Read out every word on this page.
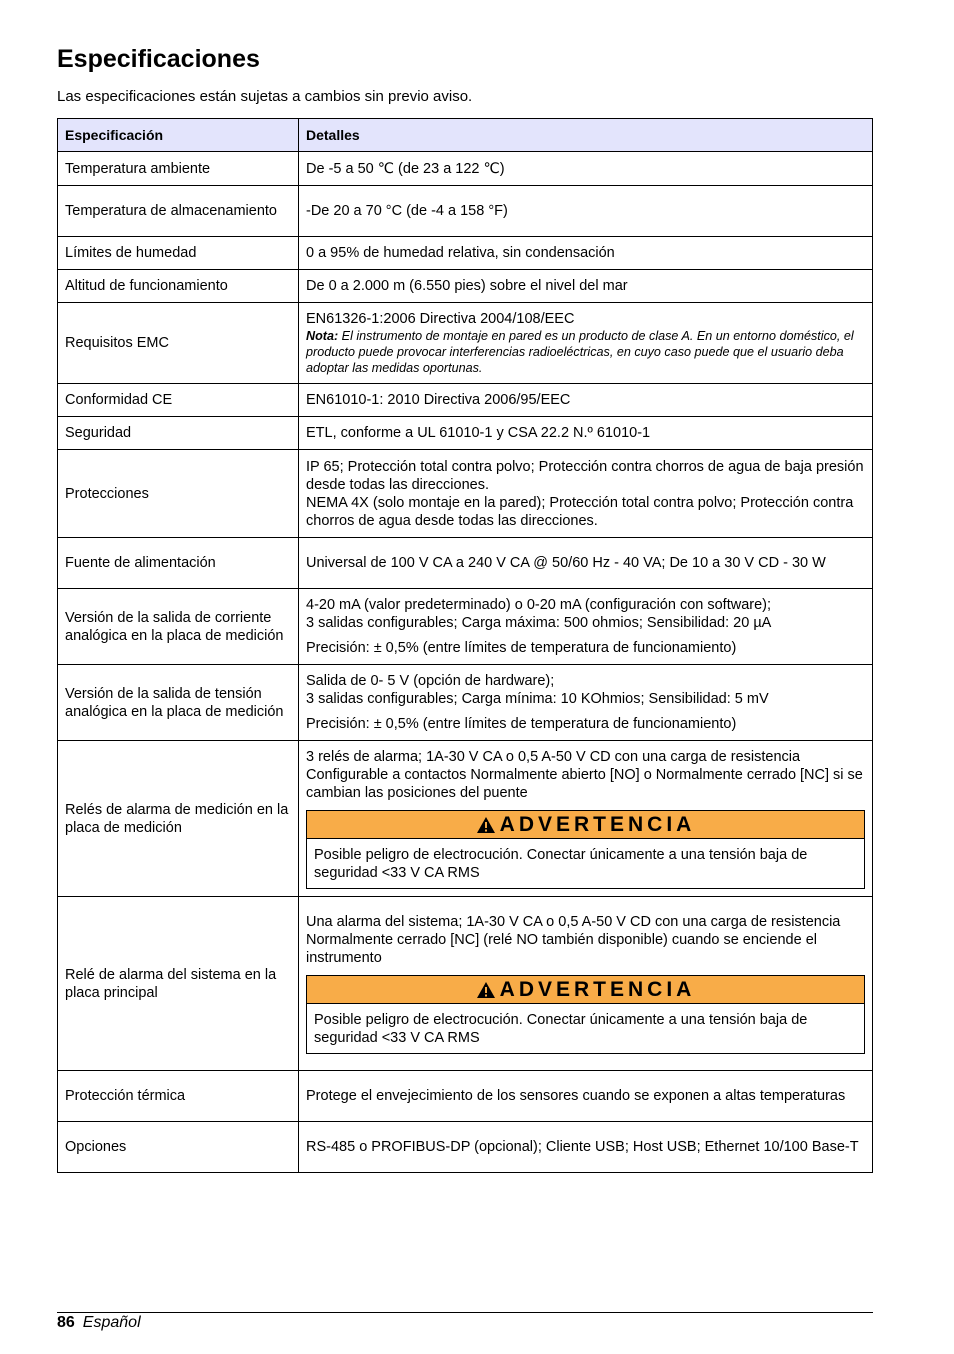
Especificaciones

Las especificaciones están sujetas a cambios sin previo aviso.

Especificación	Detalles
Temperatura ambiente	De -5 a 50 ℃ (de 23 a 122 ℃)

Temperatura de almacenamiento	-De 20 a 70 °C (de -4 a 158 °F)

Límites de humedad	0 a 95% de humedad relativa, sin condensación

Altitud de funcionamiento	De 0 a 2.000 m (6.550 pies) sobre el nivel del mar

Requisitos EMC	EN61326-1:2006 Directiva 2004/108/EEC
Nota: El instrumento de montaje en pared es un producto de clase A. En un entorno doméstico, el producto puede provocar interferencias radioeléctricas, en cuyo caso puede que el usuario deba adoptar las medidas oportunas.

Conformidad CE	EN61010-1: 2010 Directiva 2006/95/EEC

Seguridad	ETL, conforme a UL 61010-1 y CSA 22.2 N.º 61010-1

Protecciones	IP 65; Protección total contra polvo; Protección contra chorros de agua de baja presión desde todas las direcciones.
NEMA 4X (solo montaje en la pared); Protección total contra polvo; Protección contra chorros de agua desde todas las direcciones.

Fuente de alimentación	Universal de 100 V CA a 240 V CA @ 50/60 Hz - 40 VA; De 10 a 30 V CD - 30 W

Versión de la salida de corriente analógica en la placa de medición	4-20 mA (valor predeterminado) o 0-20 mA (configuración con software);
3 salidas configurables; Carga máxima: 500 ohmios; Sensibilidad: 20 µA
Precisión: ± 0,5% (entre límites de temperatura de funcionamiento)

Versión de la salida de tensión analógica en la placa de medición	Salida de 0- 5 V (opción de hardware);
3 salidas configurables; Carga mínima: 10 KOhmios; Sensibilidad: 5 mV
Precisión: ± 0,5% (entre límites de temperatura de funcionamiento)

Relés de alarma de medición en la placa de medición	3 relés de alarma; 1A-30 V CA o 0,5 A-50 V CD con una carga de resistencia
Configurable a contactos Normalmente abierto [NO] o Normalmente cerrado [NC] si se cambian las posiciones del puente
ADVERTENCIA
Posible peligro de electrocución. Conectar únicamente a una tensión baja de seguridad <33 V CA RMS

Relé de alarma del sistema en la placa principal	Una alarma del sistema; 1A-30 V CA o 0,5 A-50 V CD con una carga de resistencia
Normalmente cerrado [NC] (relé NO también disponible) cuando se enciende el instrumento
ADVERTENCIA
Posible peligro de electrocución. Conectar únicamente a una tensión baja de seguridad <33 V CA RMS

Protección térmica	Protege el envejecimiento de los sensores cuando se exponen a altas temperaturas

Opciones	RS-485 o PROFIBUS-DP (opcional); Cliente USB; Host USB; Ethernet 10/100 Base-T
86 Español
